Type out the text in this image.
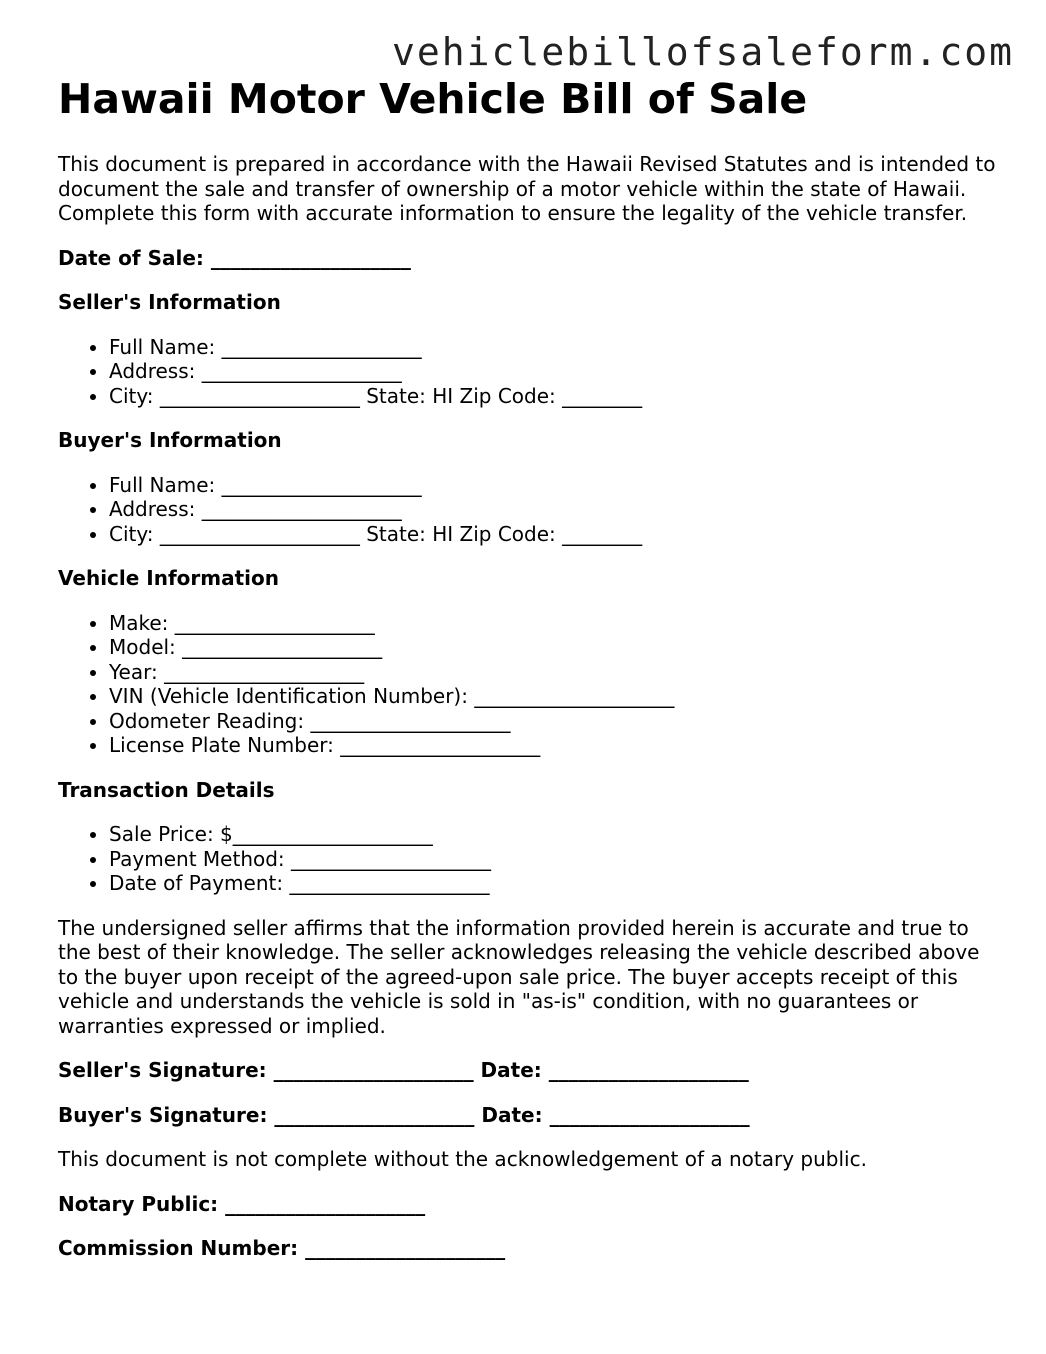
vehiclebillofsaleform.com
Hawaii Motor Vehicle Bill of Sale

This document is prepared in accordance with the Hawaii Revised Statutes and is intended to document the sale and transfer of ownership of a motor vehicle within the state of Hawaii. Complete this form with accurate information to ensure the legality of the vehicle transfer.

Date of Sale: ____________________

Seller's Information

• Full Name: ____________________
• Address: ____________________
• City: ____________________ State: HI Zip Code: ________

Buyer's Information

• Full Name: ____________________
• Address: ____________________
• City: ____________________ State: HI Zip Code: ________

Vehicle Information

• Make: ____________________
• Model: ____________________
• Year: ____________________
• VIN (Vehicle Identification Number): ____________________
• Odometer Reading: ____________________
• License Plate Number: ____________________

Transaction Details

• Sale Price: $____________________
• Payment Method: ____________________
• Date of Payment: ____________________

The undersigned seller affirms that the information provided herein is accurate and true to the best of their knowledge. The seller acknowledges releasing the vehicle described above to the buyer upon receipt of the agreed-upon sale price. The buyer accepts receipt of this vehicle and understands the vehicle is sold in "as-is" condition, with no guarantees or warranties expressed or implied.

Seller's Signature: ____________________ Date: ____________________

Buyer's Signature: ____________________ Date: ____________________

This document is not complete without the acknowledgement of a notary public.

Notary Public: ____________________

Commission Number: ____________________
